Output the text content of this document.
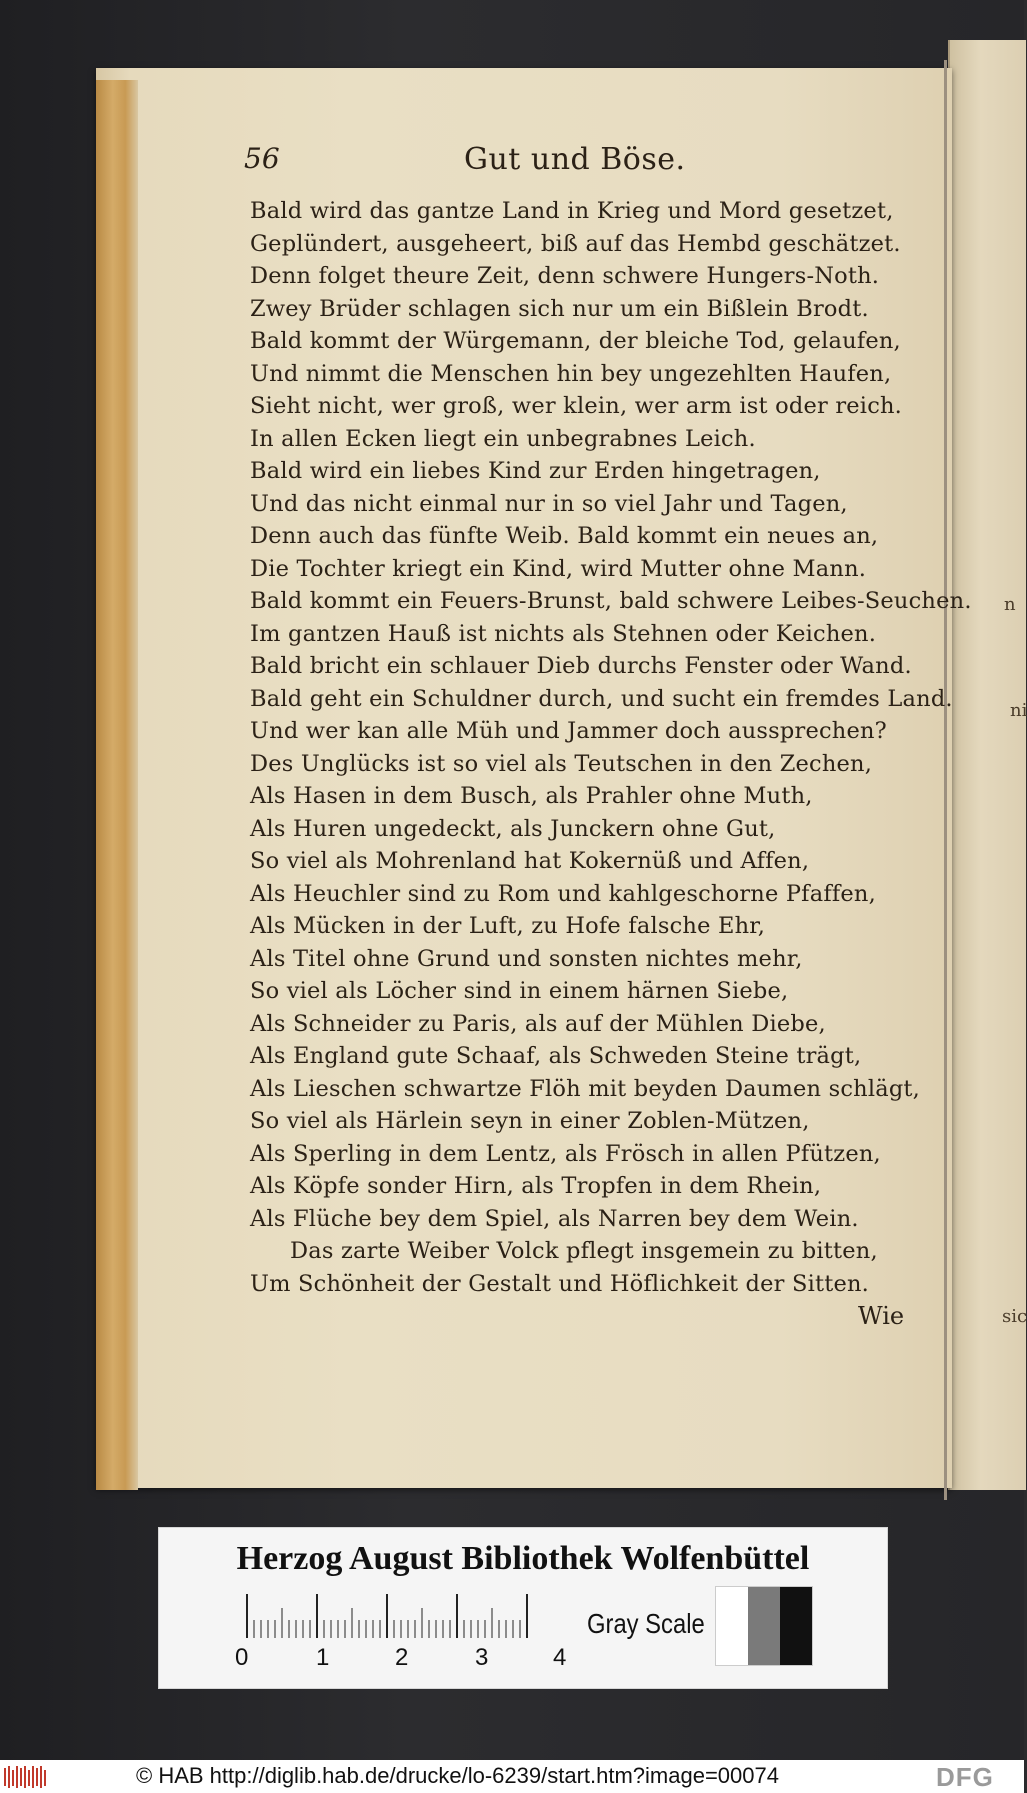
n
ni
sic
56	Gut und Böse.
Bald wird das gantze Land in Krieg und Mord gesetzet,
Geplündert, ausgeheert, biß auf das Hembd geschätzet.
Denn folget theure Zeit, denn schwere Hungers-Noth.
Zwey Brüder schlagen sich nur um ein Bißlein Brodt.
Bald kommt der Würgemann, der bleiche Tod, gelaufen,
Und nimmt die Menschen hin bey ungezehlten Haufen,
Sieht nicht, wer groß, wer klein, wer arm ist oder reich.
In allen Ecken liegt ein unbegrabnes Leich.
Bald wird ein liebes Kind zur Erden hingetragen,
Und das nicht einmal nur in so viel Jahr und Tagen,
Denn auch das fünfte Weib. Bald kommt ein neues an,
Die Tochter kriegt ein Kind, wird Mutter ohne Mann.
Bald kommt ein Feuers-Brunst, bald schwere Leibes-Seuchen.
Im gantzen Hauß ist nichts als Stehnen oder Keichen.
Bald bricht ein schlauer Dieb durchs Fenster oder Wand.
Bald geht ein Schuldner durch, und sucht ein fremdes Land.
Und wer kan alle Müh und Jammer doch aussprechen?
Des Unglücks ist so viel als Teutschen in den Zechen,
Als Hasen in dem Busch, als Prahler ohne Muth,
Als Huren ungedeckt, als Junckern ohne Gut,
So viel als Mohrenland hat Kokernüß und Affen,
Als Heuchler sind zu Rom und kahlgeschorne Pfaffen,
Als Mücken in der Luft, zu Hofe falsche Ehr,
Als Titel ohne Grund und sonsten nichtes mehr,
So viel als Löcher sind in einem härnen Siebe,
Als Schneider zu Paris, als auf der Mühlen Diebe,
Als England gute Schaaf, als Schweden Steine trägt,
Als Lieschen schwartze Flöh mit beyden Daumen schlägt,
So viel als Härlein seyn in einer Zoblen-Mützen,
Als Sperling in dem Lentz, als Frösch in allen Pfützen,
Als Köpfe sonder Hirn, als Tropfen in dem Rhein,
Als Flüche bey dem Spiel, als Narren bey dem Wein.
Das zarte Weiber Volck pflegt insgemein zu bitten,
Um Schönheit der Gestalt und Höflichkeit der Sitten.
Wie
Herzog August Bibliothek Wolfenbüttel
0	1	2	3	4
Gray Scale
© HAB http://diglib.hab.de/drucke/lo-6239/start.htm?image=00074	DFG
